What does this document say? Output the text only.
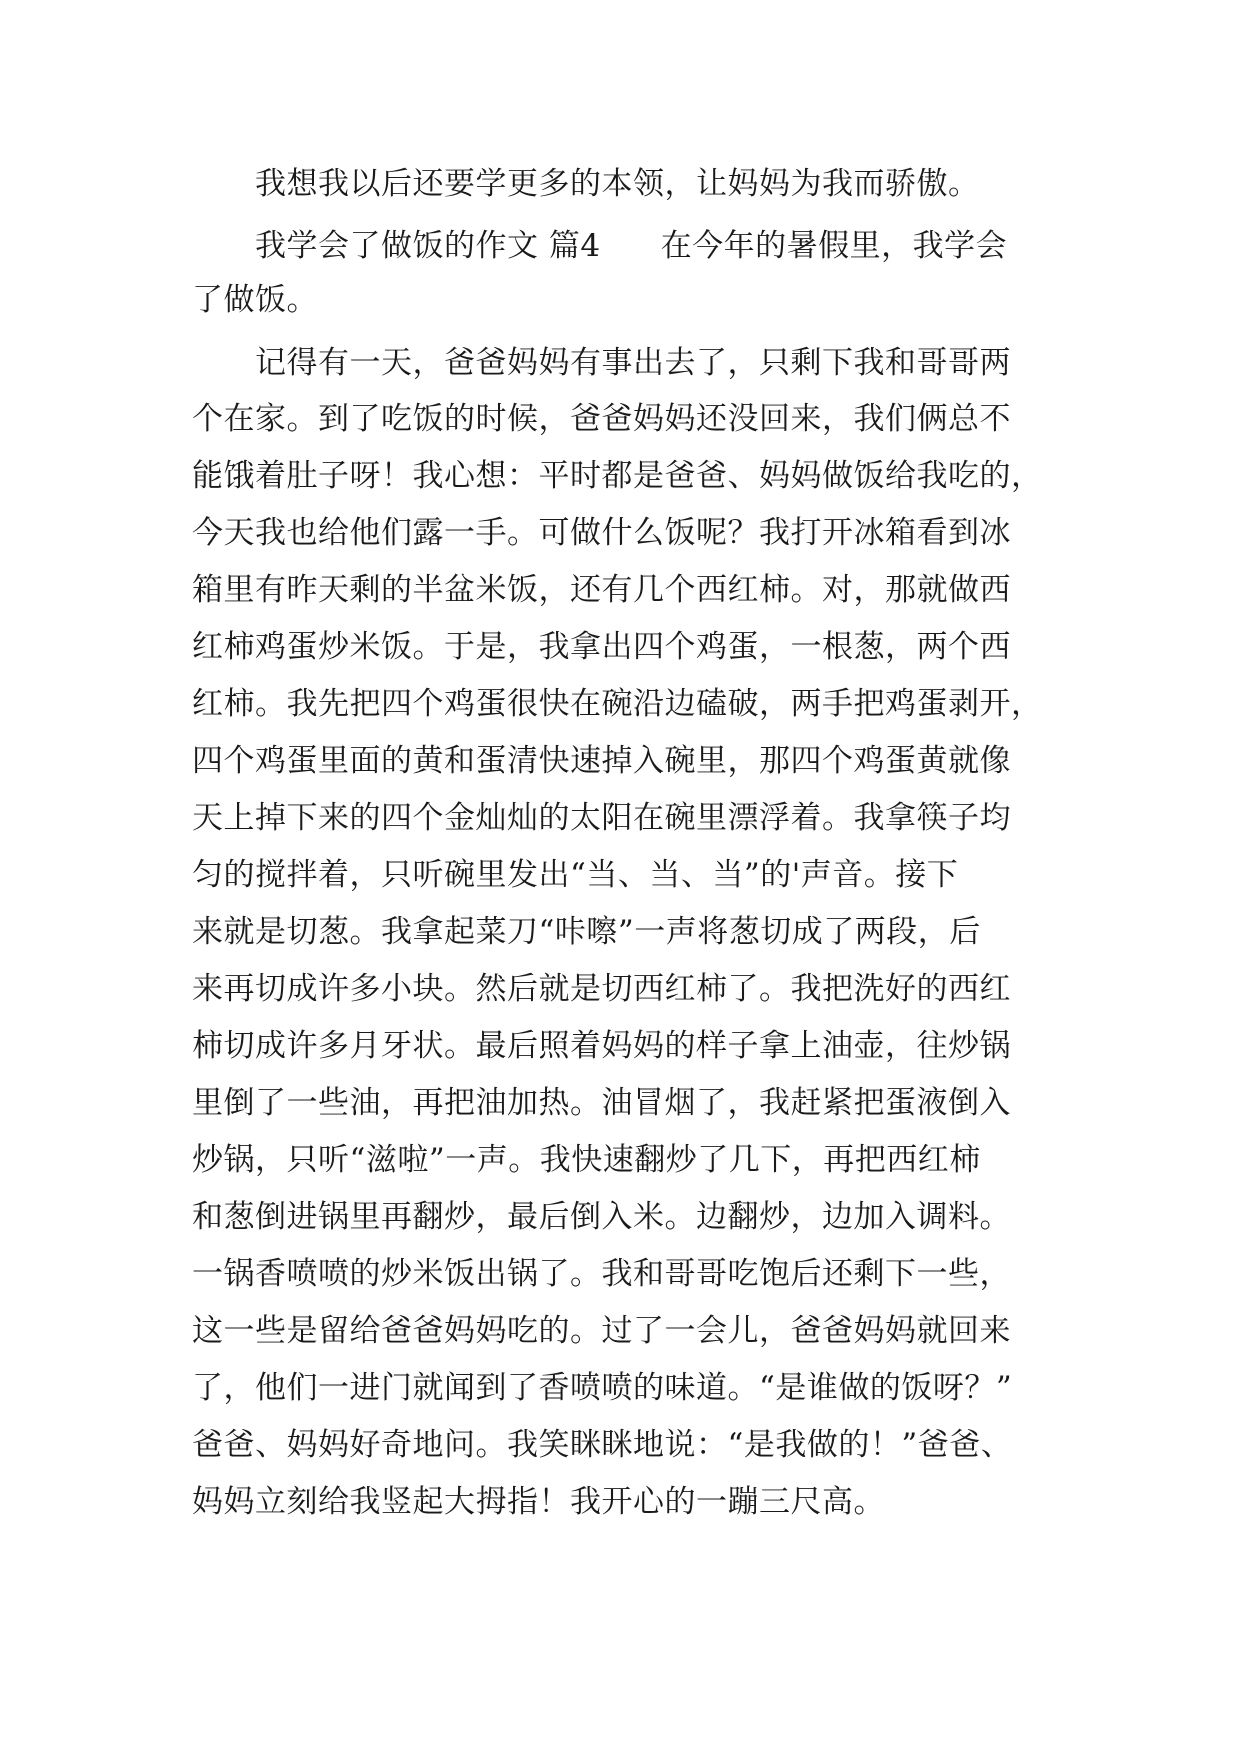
我想我以后还要学更多的本领，让妈妈为我而骄傲。
我学会了做饭的作文 篇4 在今年的暑假里，我学会
了做饭。
记得有一天，爸爸妈妈有事出去了，只剩下我和哥哥两
个在家。到了吃饭的时候，爸爸妈妈还没回来，我们俩总不
能饿着肚子呀！我心想：平时都是爸爸、妈妈做饭给我吃的，
今天我也给他们露一手。可做什么饭呢？我打开冰箱看到冰
箱里有昨天剩的半盆米饭，还有几个西红柿。对，那就做西
红柿鸡蛋炒米饭。于是，我拿出四个鸡蛋，一根葱，两个西
红柿。我先把四个鸡蛋很快在碗沿边磕破，两手把鸡蛋剥开，
四个鸡蛋里面的黄和蛋清快速掉入碗里，那四个鸡蛋黄就像
天上掉下来的四个金灿灿的太阳在碗里漂浮着。我拿筷子均
匀的搅拌着，只听碗里发出“当、当、当”的'声音。接下
来就是切葱。我拿起菜刀“咔嚓”一声将葱切成了两段，后
来再切成许多小块。然后就是切西红柿了。我把洗好的西红
柿切成许多月牙状。最后照着妈妈的样子拿上油壶，往炒锅
里倒了一些油，再把油加热。油冒烟了，我赶紧把蛋液倒入
炒锅，只听“滋啦”一声。我快速翻炒了几下，再把西红柿
和葱倒进锅里再翻炒，最后倒入米。边翻炒，边加入调料。
一锅香喷喷的炒米饭出锅了。我和哥哥吃饱后还剩下一些，
这一些是留给爸爸妈妈吃的。过了一会儿，爸爸妈妈就回来
了，他们一进门就闻到了香喷喷的味道。“是谁做的饭呀？”
爸爸、妈妈好奇地问。我笑眯眯地说：“是我做的！”爸爸、
妈妈立刻给我竖起大拇指！我开心的一蹦三尺高。
